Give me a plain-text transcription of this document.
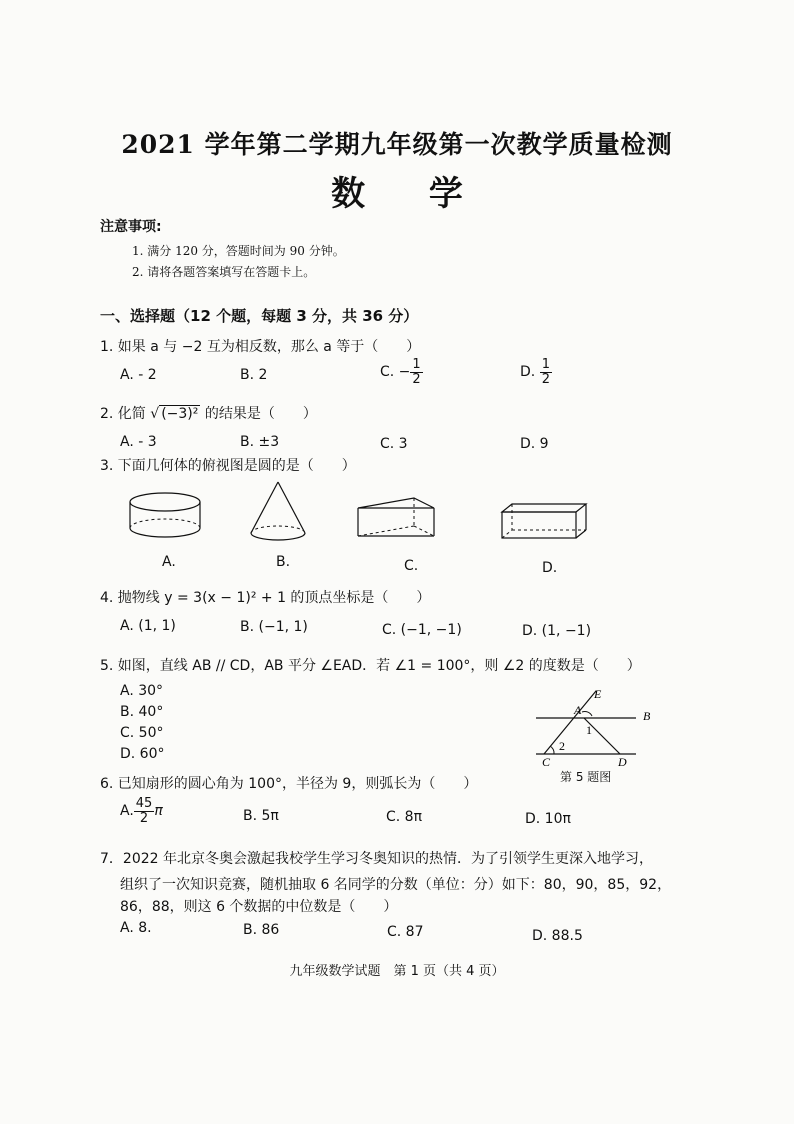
2021 学年第二学期九年级第一次教学质量检测
数 学
注意事项:
1. 满分 120 分，答题时间为 90 分钟。
2. 请将各题答案填写在答题卡上。
一、选择题（12 个题，每题 3 分，共 36 分）
1. 如果 a 与 −2 互为相反数，那么 a 等于（　　）
A. - 2	B. 2	C. − $\frac{1}{2}$	D. $\frac{1}{2}$
2. 化简 √ (−3)² 的结果是（　　）
A. - 3	B. ±3	C. 3	D. 9
3. 下面几何体的俯视图是圆的是（　　）
A.	B.	C.	D.
4. 抛物线 y = 3(x − 1)² + 1 的顶点坐标是（　　）
A. (1, 1)	B. (−1, 1)	C. (−1, −1)	D. (1, −1)
5. 如图，直线 AB // CD，AB 平分 ∠EAD．若 ∠1 = 100°，则 ∠2 的度数是（　　）
A. 30°
B. 40°
C. 50°
D. 60°
E
A	B
1
2
C	D
第 5 题图
6. 已知扇形的圆心角为 100°，半径为 9，则弧长为（　　）
A. $\frac{45}{2}$ π	B. 5π	C. 8π	D. 10π
7．2022 年北京冬奥会激起我校学生学习冬奥知识的热情．为了引领学生更深入地学习，
组织了一次知识竞赛，随机抽取 6 名同学的分数（单位：分）如下：80，90，85，92，
86，88，则这 6 个数据的中位数是（　　）
A. 8.	B. 86	C. 87	D. 88.5
九年级数学试题　第 1 页（共 4 页）
